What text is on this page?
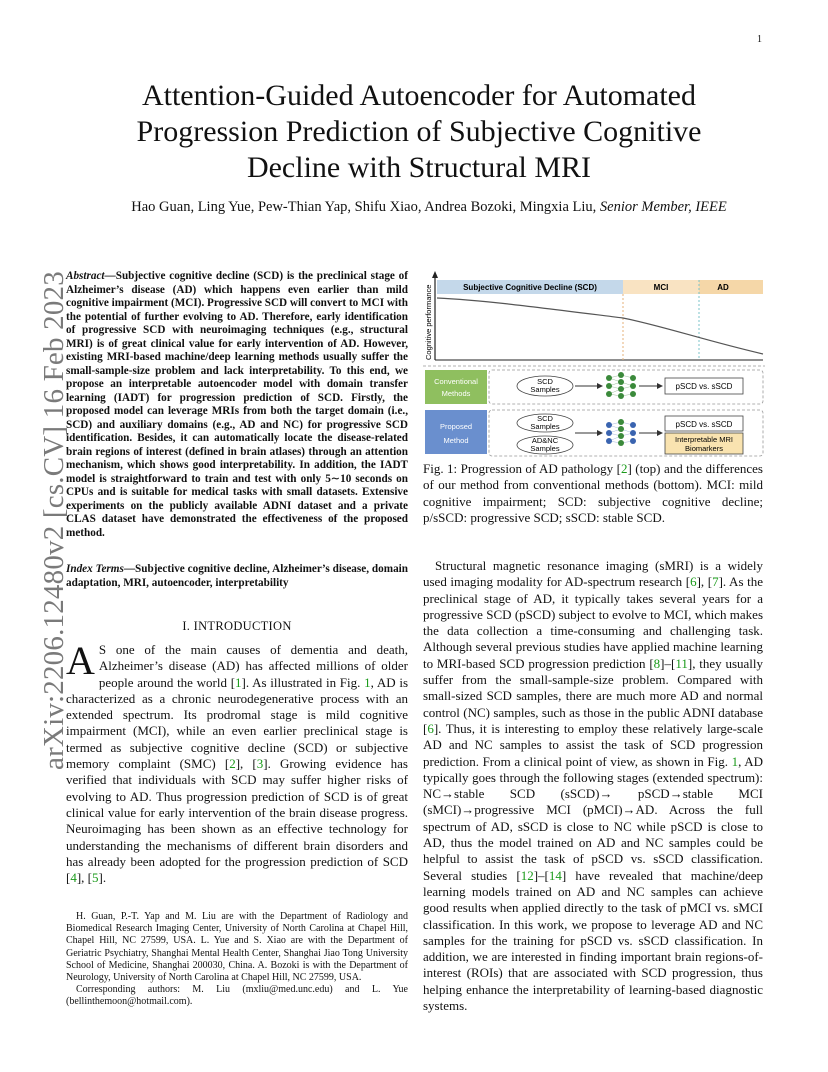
1
arXiv:2206.12480v2 [cs.CV] 16 Feb 2023
Attention-Guided Autoencoder for Automated Progression Prediction of Subjective Cognitive Decline with Structural MRI
Hao Guan, Ling Yue, Pew-Thian Yap, Shifu Xiao, Andrea Bozoki, Mingxia Liu, Senior Member, IEEE
Abstract—Subjective cognitive decline (SCD) is the preclinical stage of Alzheimer’s disease (AD) which happens even earlier than mild cognitive impairment (MCI). Progressive SCD will convert to MCI with the potential of further evolving to AD. Therefore, early identification of progressive SCD with neuroimaging techniques (e.g., structural MRI) is of great clinical value for early intervention of AD. However, existing MRI-based machine/deep learning methods usually suffer the small-sample-size problem and lack interpretability. To this end, we propose an interpretable autoencoder model with domain transfer learning (IADT) for progression prediction of SCD. Firstly, the proposed model can leverage MRIs from both the target domain (i.e., SCD) and auxiliary domains (e.g., AD and NC) for progressive SCD identification. Besides, it can automatically locate the disease-related brain regions of interest (defined in brain atlases) through an attention mechanism, which shows good interpretability. In addition, the IADT model is straightforward to train and test with only 5∼10 seconds on CPUs and is suitable for medical tasks with small datasets. Extensive experiments on the publicly available ADNI dataset and a private CLAS dataset have demonstrated the effectiveness of the proposed method.
Index Terms—Subjective cognitive decline, Alzheimer’s disease, domain adaptation, MRI, autoencoder, interpretability
I. INTRODUCTION
A S one of the main causes of dementia and death, Alzheimer’s disease (AD) has affected millions of older people around the world [1]. As illustrated in Fig. 1, AD is characterized as a chronic neurodegenerative process with an extended spectrum. Its prodromal stage is mild cognitive impairment (MCI), while an even earlier preclinical stage is termed as subjective cognitive decline (SCD) or subjective memory complaint (SMC) [2], [3]. Growing evidence has verified that individuals with SCD may suffer higher risks of evolving to AD. Thus progression prediction of SCD is of great clinical value for early intervention of the brain disease progress. Neuroimaging has been shown as an effective technology for understanding the mechanisms of different brain disorders and has already been adopted for the progression prediction of SCD [4], [5].

H. Guan, P.-T. Yap and M. Liu are with the Department of Radiology and Biomedical Research Imaging Center, University of North Carolina at Chapel Hill, Chapel Hill, NC 27599, USA. L. Yue and S. Xiao are with the Department of Geriatric Psychiatry, Shanghai Mental Health Center, Shanghai Jiao Tong University School of Medicine, Shanghai 200030, China. A. Bozoki is with the Department of Neurology, University of North Carolina at Chapel Hill, NC 27599, USA.

Corresponding authors: M. Liu (mxliu@med.unc.edu) and L. Yue (bellinthemoon@hotmail.com).

Cognitive performance	Subjective Cognitive Decline (SCD)	MCI	AD
Conventional
Methods
SCD
Samples	pSCD vs. sSCD
Proposed
Method
SCD
Samples
AD&NC
Samples
pSCD vs. sSCD
Interpretable MRI
Biomarkers
Fig. 1: Progression of AD pathology [2] (top) and the differences of our method from conventional methods (bottom). MCI: mild cognitive impairment; SCD: subjective cognitive decline; p/sSCD: progressive SCD; sSCD: stable SCD.

Structural magnetic resonance imaging (sMRI) is a widely used imaging modality for AD-spectrum research [6], [7]. As the preclinical stage of AD, it typically takes several years for a progressive SCD (pSCD) subject to evolve to MCI, which makes the data collection a time-consuming and challenging task. Although several previous studies have applied machine learning to MRI-based SCD progression prediction [8]–[11], they usually suffer from the small-sample-size problem. Compared with small-sized SCD samples, there are much more AD and normal control (NC) samples, such as those in the public ADNI database [6]. Thus, it is interesting to employ these relatively large-scale AD and NC samples to assist the task of SCD progression prediction. From a clinical point of view, as shown in Fig. 1, AD typically goes through the following stages (extended spectrum): NC→stable SCD (sSCD)→ pSCD→stable MCI (sMCI)→progressive MCI (pMCI)→AD. Across the full spectrum of AD, sSCD is close to NC while pSCD is close to AD, thus the model trained on AD and NC samples could be helpful to assist the task of pSCD vs. sSCD classification. Several studies [12]–[14] have revealed that machine/deep learning models trained on AD and NC samples can achieve good results when applied directly to the task of pMCI vs. sMCI classification. In this work, we propose to leverage AD and NC samples for the training for pSCD vs. sSCD classification. In addition, we are interested in finding important brain regions-of-interest (ROIs) that are associated with SCD progression, thus helping enhance the interpretability of learning-based diagnostic systems.
